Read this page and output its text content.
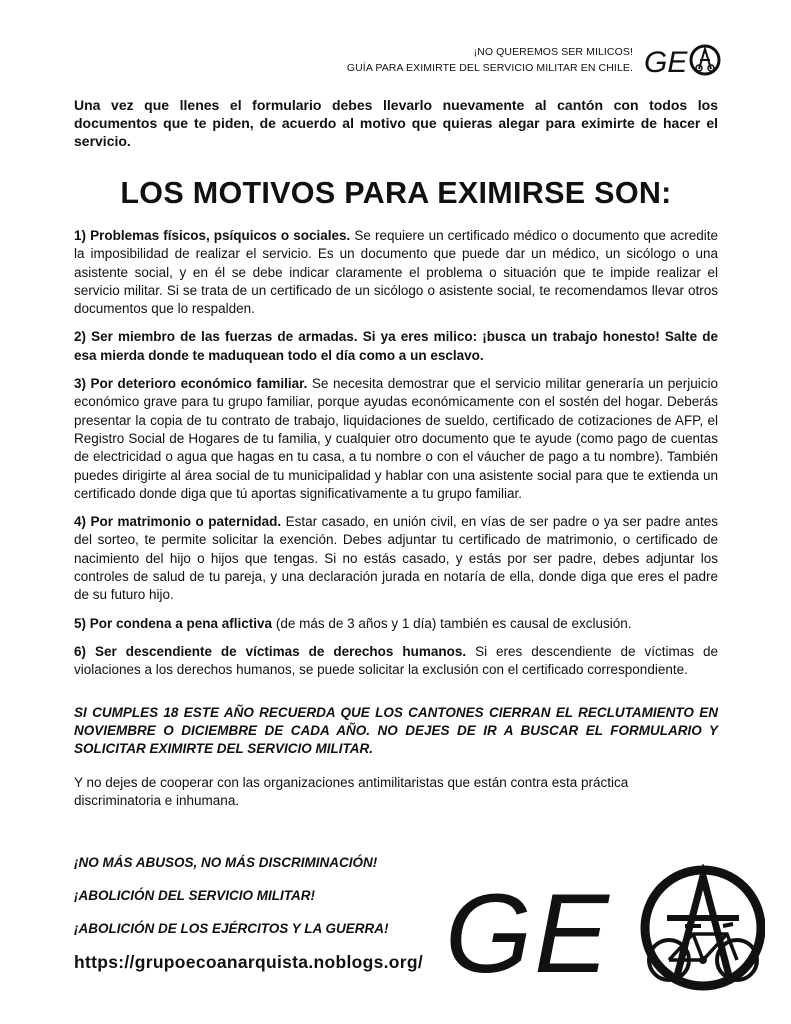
¡NO QUEREMOS SER MILICOS!
GUÍA PARA EXIMIRTE DEL SERVICIO MILITAR EN CHILE. GE

Una vez que llenes el formulario debes llevarlo nuevamente al cantón con todos los documentos que te piden, de acuerdo al motivo que quieras alegar para eximirte de hacer el servicio.

LOS MOTIVOS PARA EXIMIRSE SON:

1) Problemas físicos, psíquicos o sociales. Se requiere un certificado médico o documento que acredite la imposibilidad de realizar el servicio. Es un documento que puede dar un médico, un sicólogo o una asistente social, y en él se debe indicar claramente el problema o situación que te impide realizar el servicio militar. Si se trata de un certificado de un sicólogo o asistente social, te recomendamos llevar otros documentos que lo respalden.

2) Ser miembro de las fuerzas de armadas. Si ya eres milico: ¡busca un trabajo honesto! Salte de esa mierda donde te maduquean todo el día como a un esclavo.

3) Por deterioro económico familiar. Se necesita demostrar que el servicio militar generaría un perjuicio económico grave para tu grupo familiar, porque ayudas económicamente con el sostén del hogar. Deberás presentar la copia de tu contrato de trabajo, liquidaciones de sueldo, certificado de cotizaciones de AFP, el Registro Social de Hogares de tu familia, y cualquier otro documento que te ayude (como pago de cuentas de electricidad o agua que hagas en tu casa, a tu nombre o con el váucher de pago a tu nombre). También puedes dirigirte al área social de tu municipalidad y hablar con una asistente social para que te extienda un certificado donde diga que tú aportas significativamente a tu grupo familiar.

4) Por matrimonio o paternidad. Estar casado, en unión civil, en vías de ser padre o ya ser padre antes del sorteo, te permite solicitar la exención. Debes adjuntar tu certificado de matrimonio, o certificado de nacimiento del hijo o hijos que tengas. Si no estás casado, y estás por ser padre, debes adjuntar los controles de salud de tu pareja, y una declaración jurada en notaría de ella, donde diga que eres el padre de su futuro hijo.

5) Por condena a pena aflictiva (de más de 3 años y 1 día) también es causal de exclusión.

6) Ser descendiente de víctimas de derechos humanos. Si eres descendiente de víctimas de violaciones a los derechos humanos, se puede solicitar la exclusión con el certificado correspondiente.

SI CUMPLES 18 ESTE AÑO RECUERDA QUE LOS CANTONES CIERRAN EL RECLUTAMIENTO EN NOVIEMBRE O DICIEMBRE DE CADA AÑO. NO DEJES DE IR A BUSCAR EL FORMULARIO Y SOLICITAR EXIMIRTE DEL SERVICIO MILITAR.

Y no dejes de cooperar con las organizaciones antimilitaristas que están contra esta práctica discriminatoria e inhumana.

¡NO MÁS ABUSOS, NO MÁS DISCRIMINACIÓN!

¡ABOLICIÓN DEL SERVICIO MILITAR!

¡ABOLICIÓN DE LOS EJÉRCITOS Y LA GUERRA!

https://grupoecoanarquista.noblogs.org/ GE
